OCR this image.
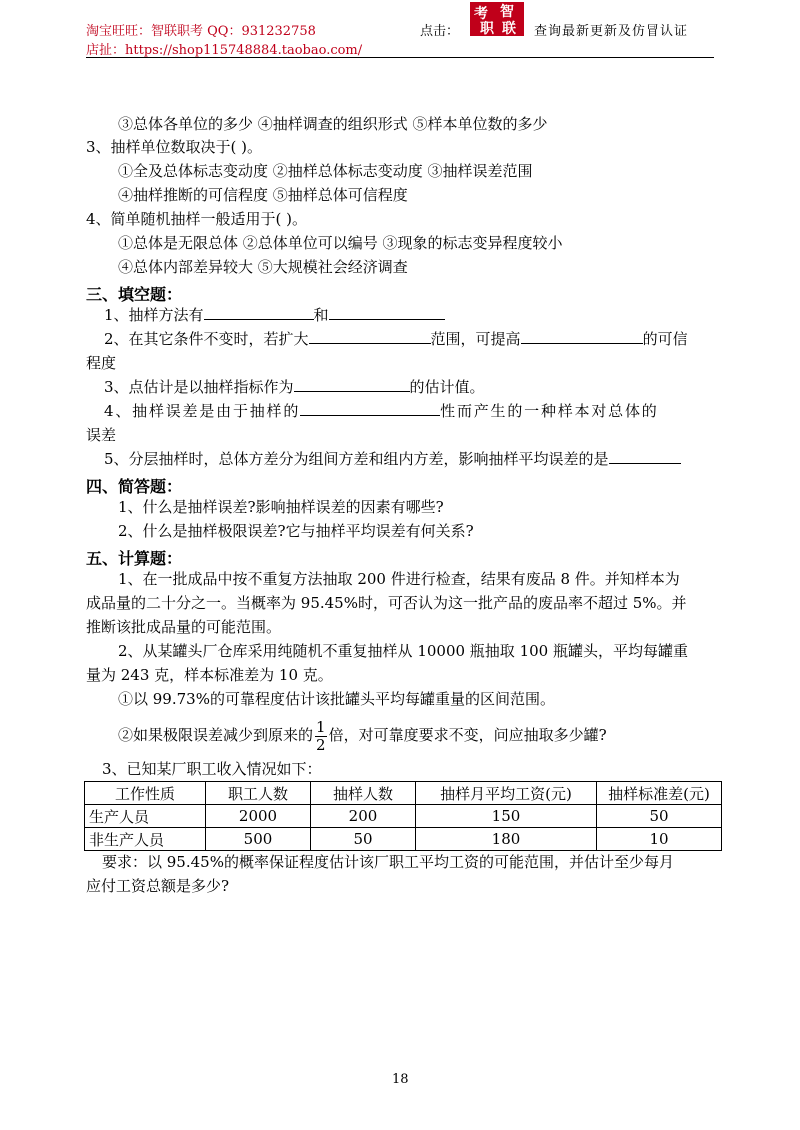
淘宝旺旺：智联职考 QQ：931232758
店扯：https://shop115748884.taobao.com/
点击：
考 智
职 联 查询最新更新及仿冒认证
③总体各单位的多少 ④抽样调查的组织形式 ⑤样本单位数的多少
3、抽样单位数取决于( )。
①全及总体标志变动度 ②抽样总体标志变动度 ③抽样误差范围
④抽样推断的可信程度 ⑤抽样总体可信程度
4、简单随机抽样一般适用于( )。
①总体是无限总体 ②总体单位可以编号 ③现象的标志变异程度较小
④总体内部差异较大 ⑤大规模社会经济调查
三、填空题：
1、抽样方法有	和
2、在其它条件不变时，若扩大	范围，可提高	的可信
程度
3、点估计是以抽样指标作为	的估计值。
4、抽样误差是由于抽样的	性而产生的一种样本对总体的
误差
5、分层抽样时，总体方差分为组间方差和组内方差，影响抽样平均误差的是
四、简答题：
1、什么是抽样误差?影响抽样误差的因素有哪些?
2、什么是抽样极限误差?它与抽样平均误差有何关系?
五、计算题：
1、在一批成品中按不重复方法抽取 200 件进行检查，结果有废品 8 件。并知样本为
成品量的二十分之一。当概率为 95.45%时，可否认为这一批产品的废品率不超过 5%。并
推断该批成品量的可能范围。
2、从某罐头厂仓库采用纯随机不重复抽样从 10000 瓶抽取 100 瓶罐头，平均每罐重
量为 243 克，样本标准差为 10 克。
①以 99.73%的可靠程度估计该批罐头平均每罐重量的区间范围。
②如果极限误差减少到原来的 $\frac{1}{2}$ 倍，对可靠度要求不变，问应抽取多少罐?
3、已知某厂职工收入情况如下：
工作性质	职工人数	抽样人数	抽样月平均工资(元)	抽样标准差(元)
生产人员	2000	200	150	50
非生产人员	500	50	180	10
要求：以 95.45%的概率保证程度估计该厂职工平均工资的可能范围，并估计至少每月
应付工资总额是多少?
18
